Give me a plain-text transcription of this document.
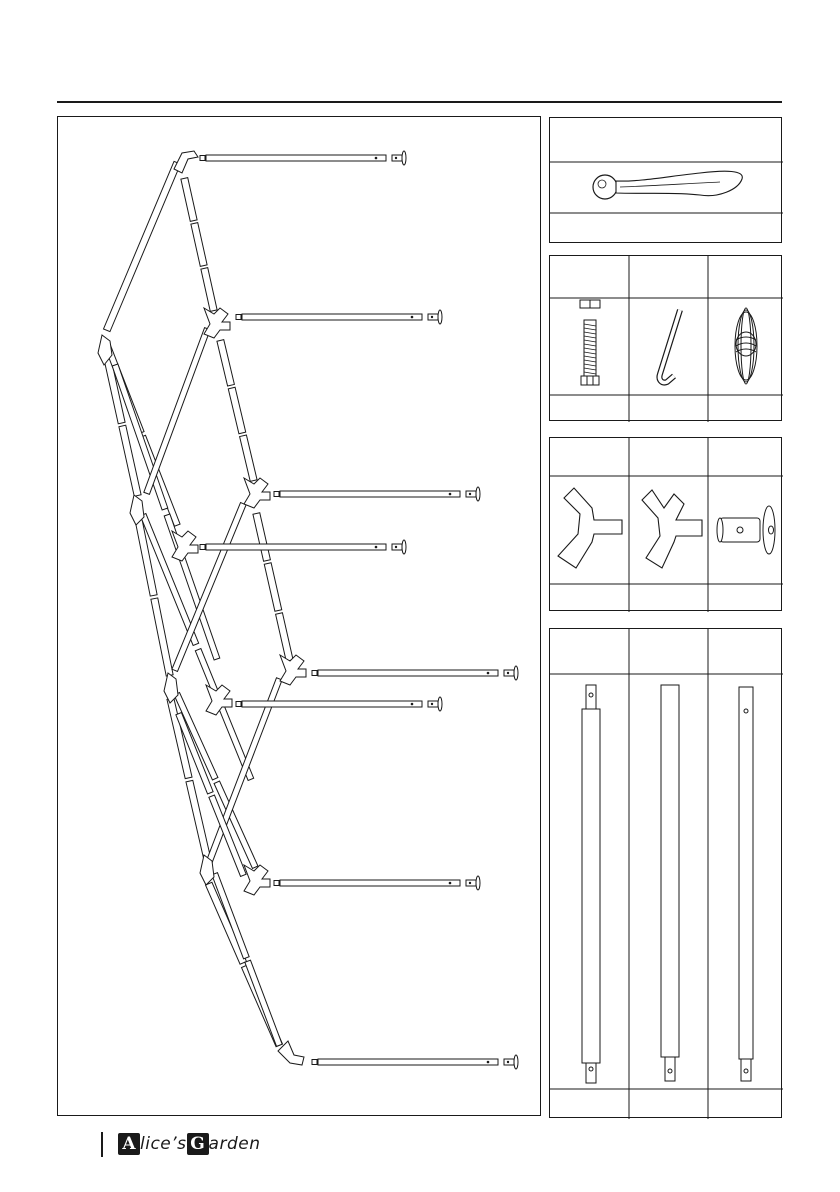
A lice ’s G arden
